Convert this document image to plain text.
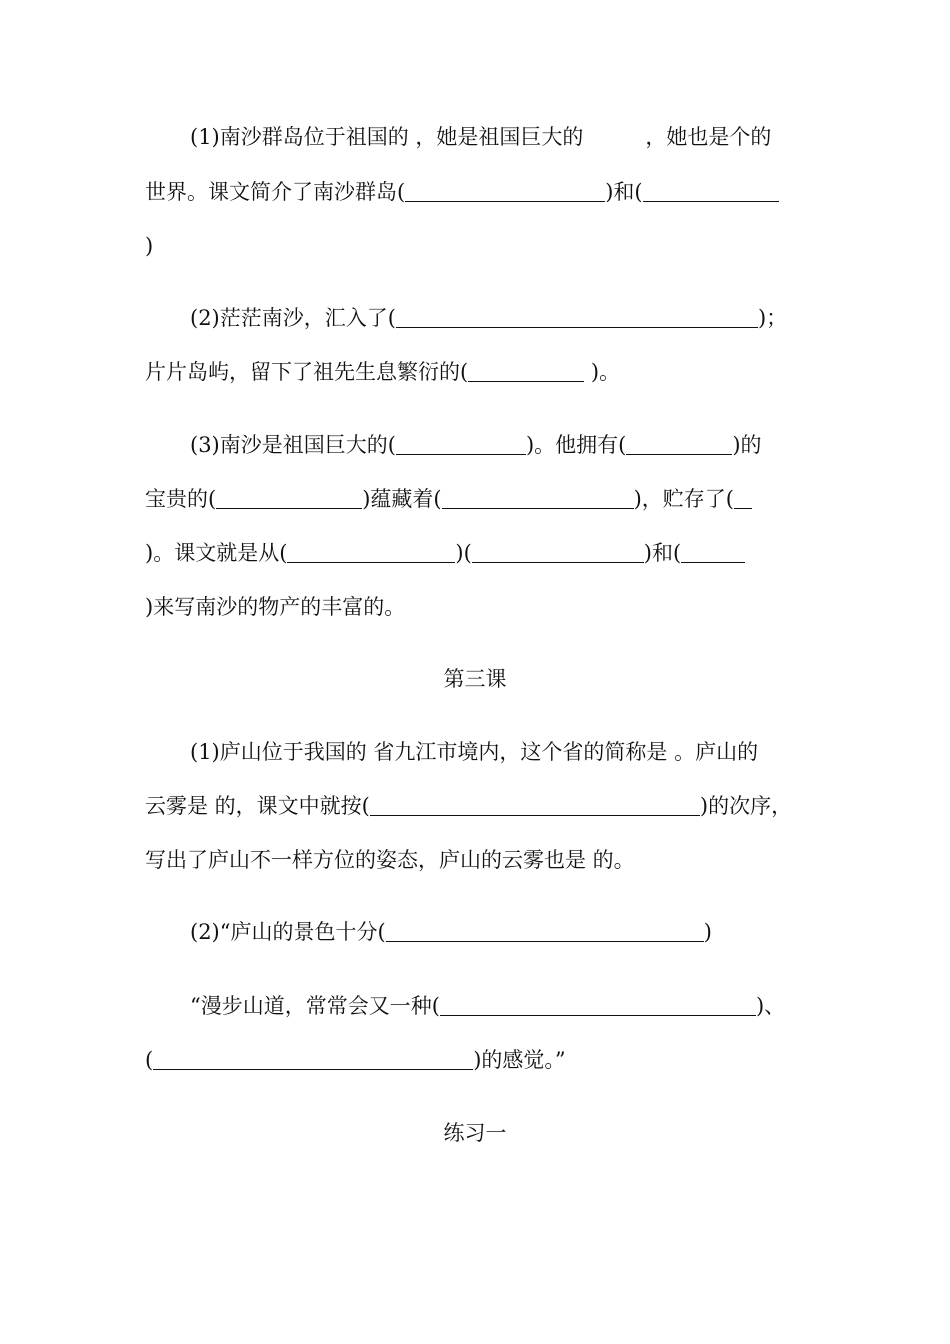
(1)南沙群岛位于祖国的 ，她是祖国巨大的	，她也是个的
世界。课文简介了南沙群岛(	)和(
)
(2)茫茫南沙，汇入了(	)；
片片岛屿，留下了祖先生息繁衍的(	)。
(3)南沙是祖国巨大的(	)。他拥有(	)的
宝贵的(	)蕴藏着(	)，贮存了(
)。课文就是从(	)(	)和(
)来写南沙的物产的丰富的。
第三课
(1)庐山位于我国的 省九江市境内，这个省的简称是 。庐山的
云雾是 的，课文中就按(	)的次序，
写出了庐山不一样方位的姿态，庐山的云雾也是 的。
(2)“庐山的景色十分(	)
“漫步山道，常常会又一种(	)、
(	)的感觉。”
练习一
